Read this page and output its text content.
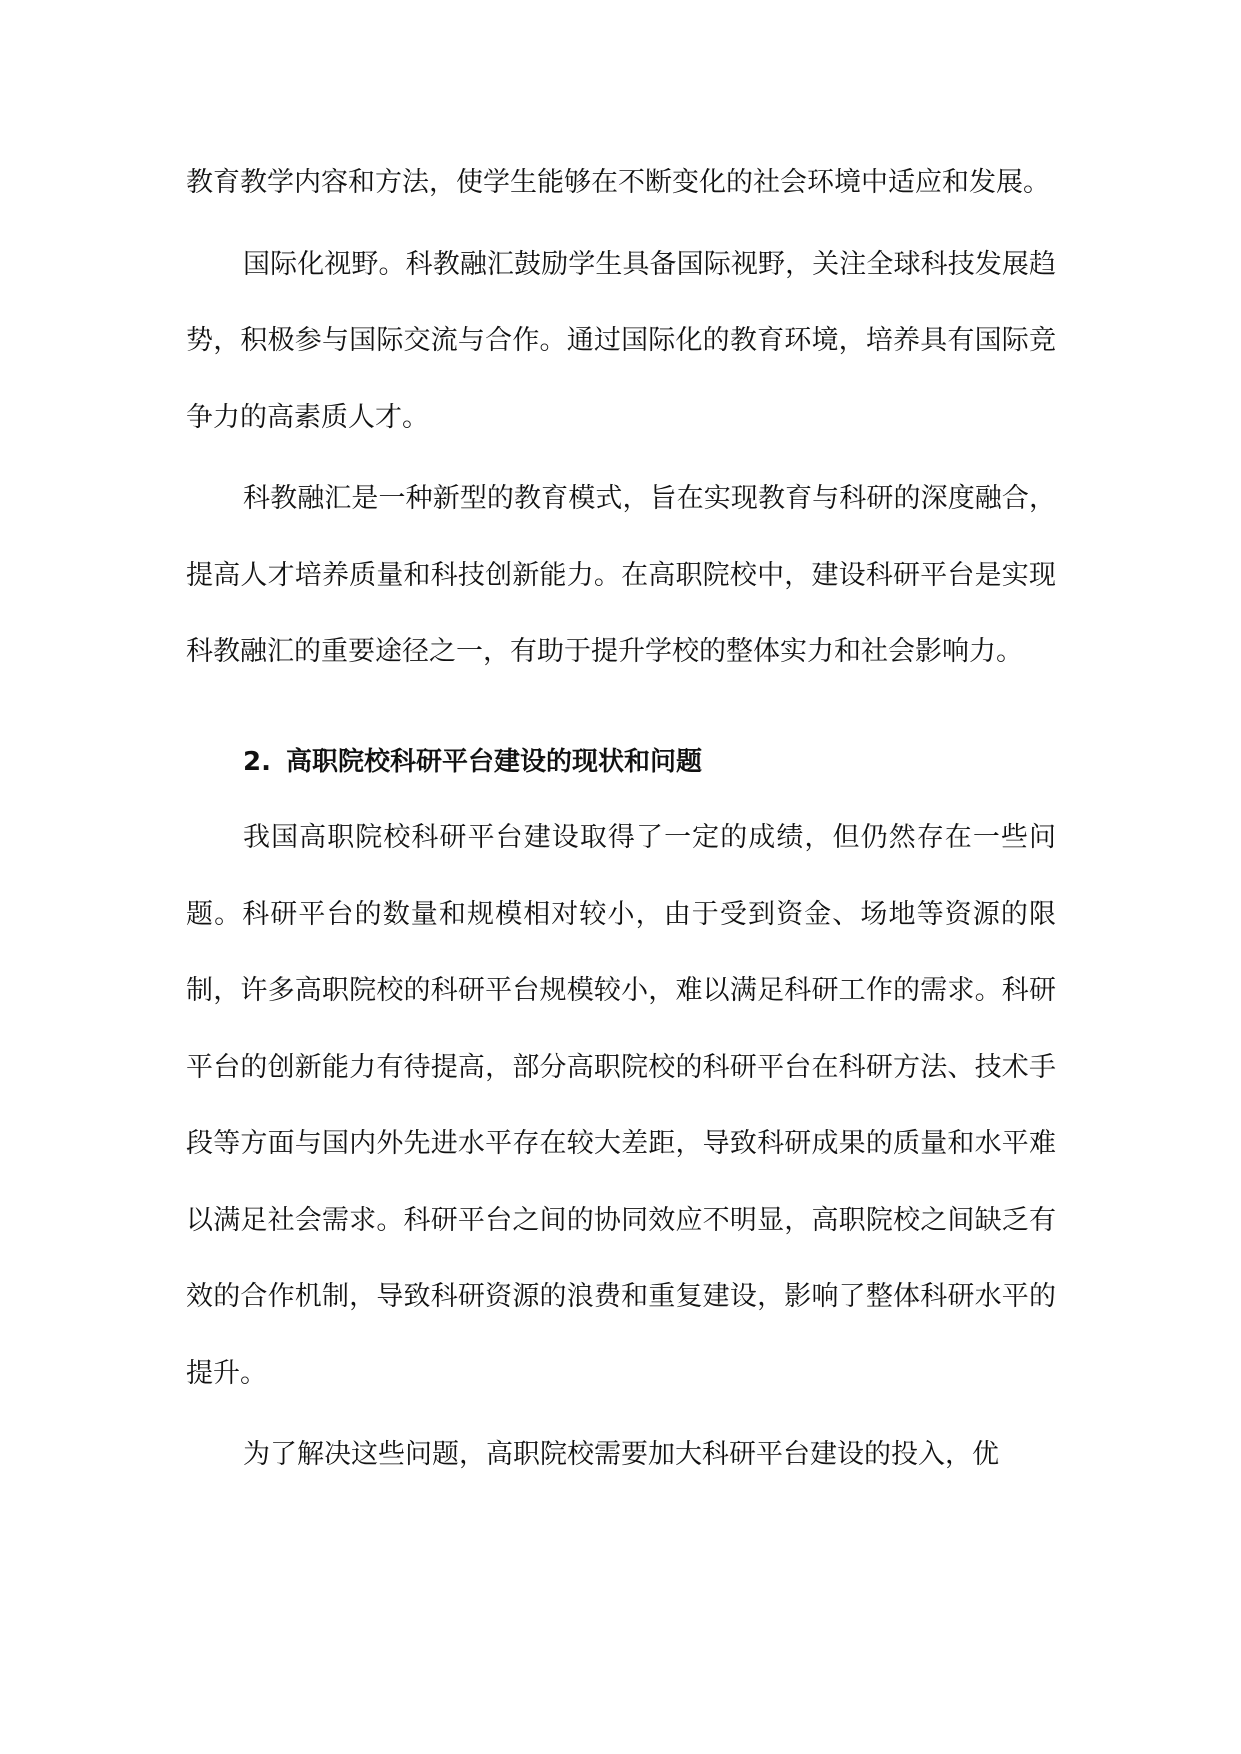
教育教学内容和方法，使学生能够在不断变化的社会环境中适应和发展。

国际化视野。科教融汇鼓励学生具备国际视野，关注全球科技发展趋势，积极参与国际交流与合作。通过国际化的教育环境，培养具有国际竞争力的高素质人才。

科教融汇是一种新型的教育模式，旨在实现教育与科研的深度融合，提高人才培养质量和科技创新能力。在高职院校中，建设科研平台是实现科教融汇的重要途径之一，有助于提升学校的整体实力和社会影响力。

2. 高职院校科研平台建设的现状和问题

我国高职院校科研平台建设取得了一定的成绩，但仍然存在一些问题。科研平台的数量和规模相对较小，由于受到资金、场地等资源的限制，许多高职院校的科研平台规模较小，难以满足科研工作的需求。科研平台的创新能力有待提高，部分高职院校的科研平台在科研方法、技术手段等方面与国内外先进水平存在较大差距，导致科研成果的质量和水平难以满足社会需求。科研平台之间的协同效应不明显，高职院校之间缺乏有效的合作机制，导致科研资源的浪费和重复建设，影响了整体科研水平的提升。

为了解决这些问题，高职院校需要加大科研平台建设的投入，优
